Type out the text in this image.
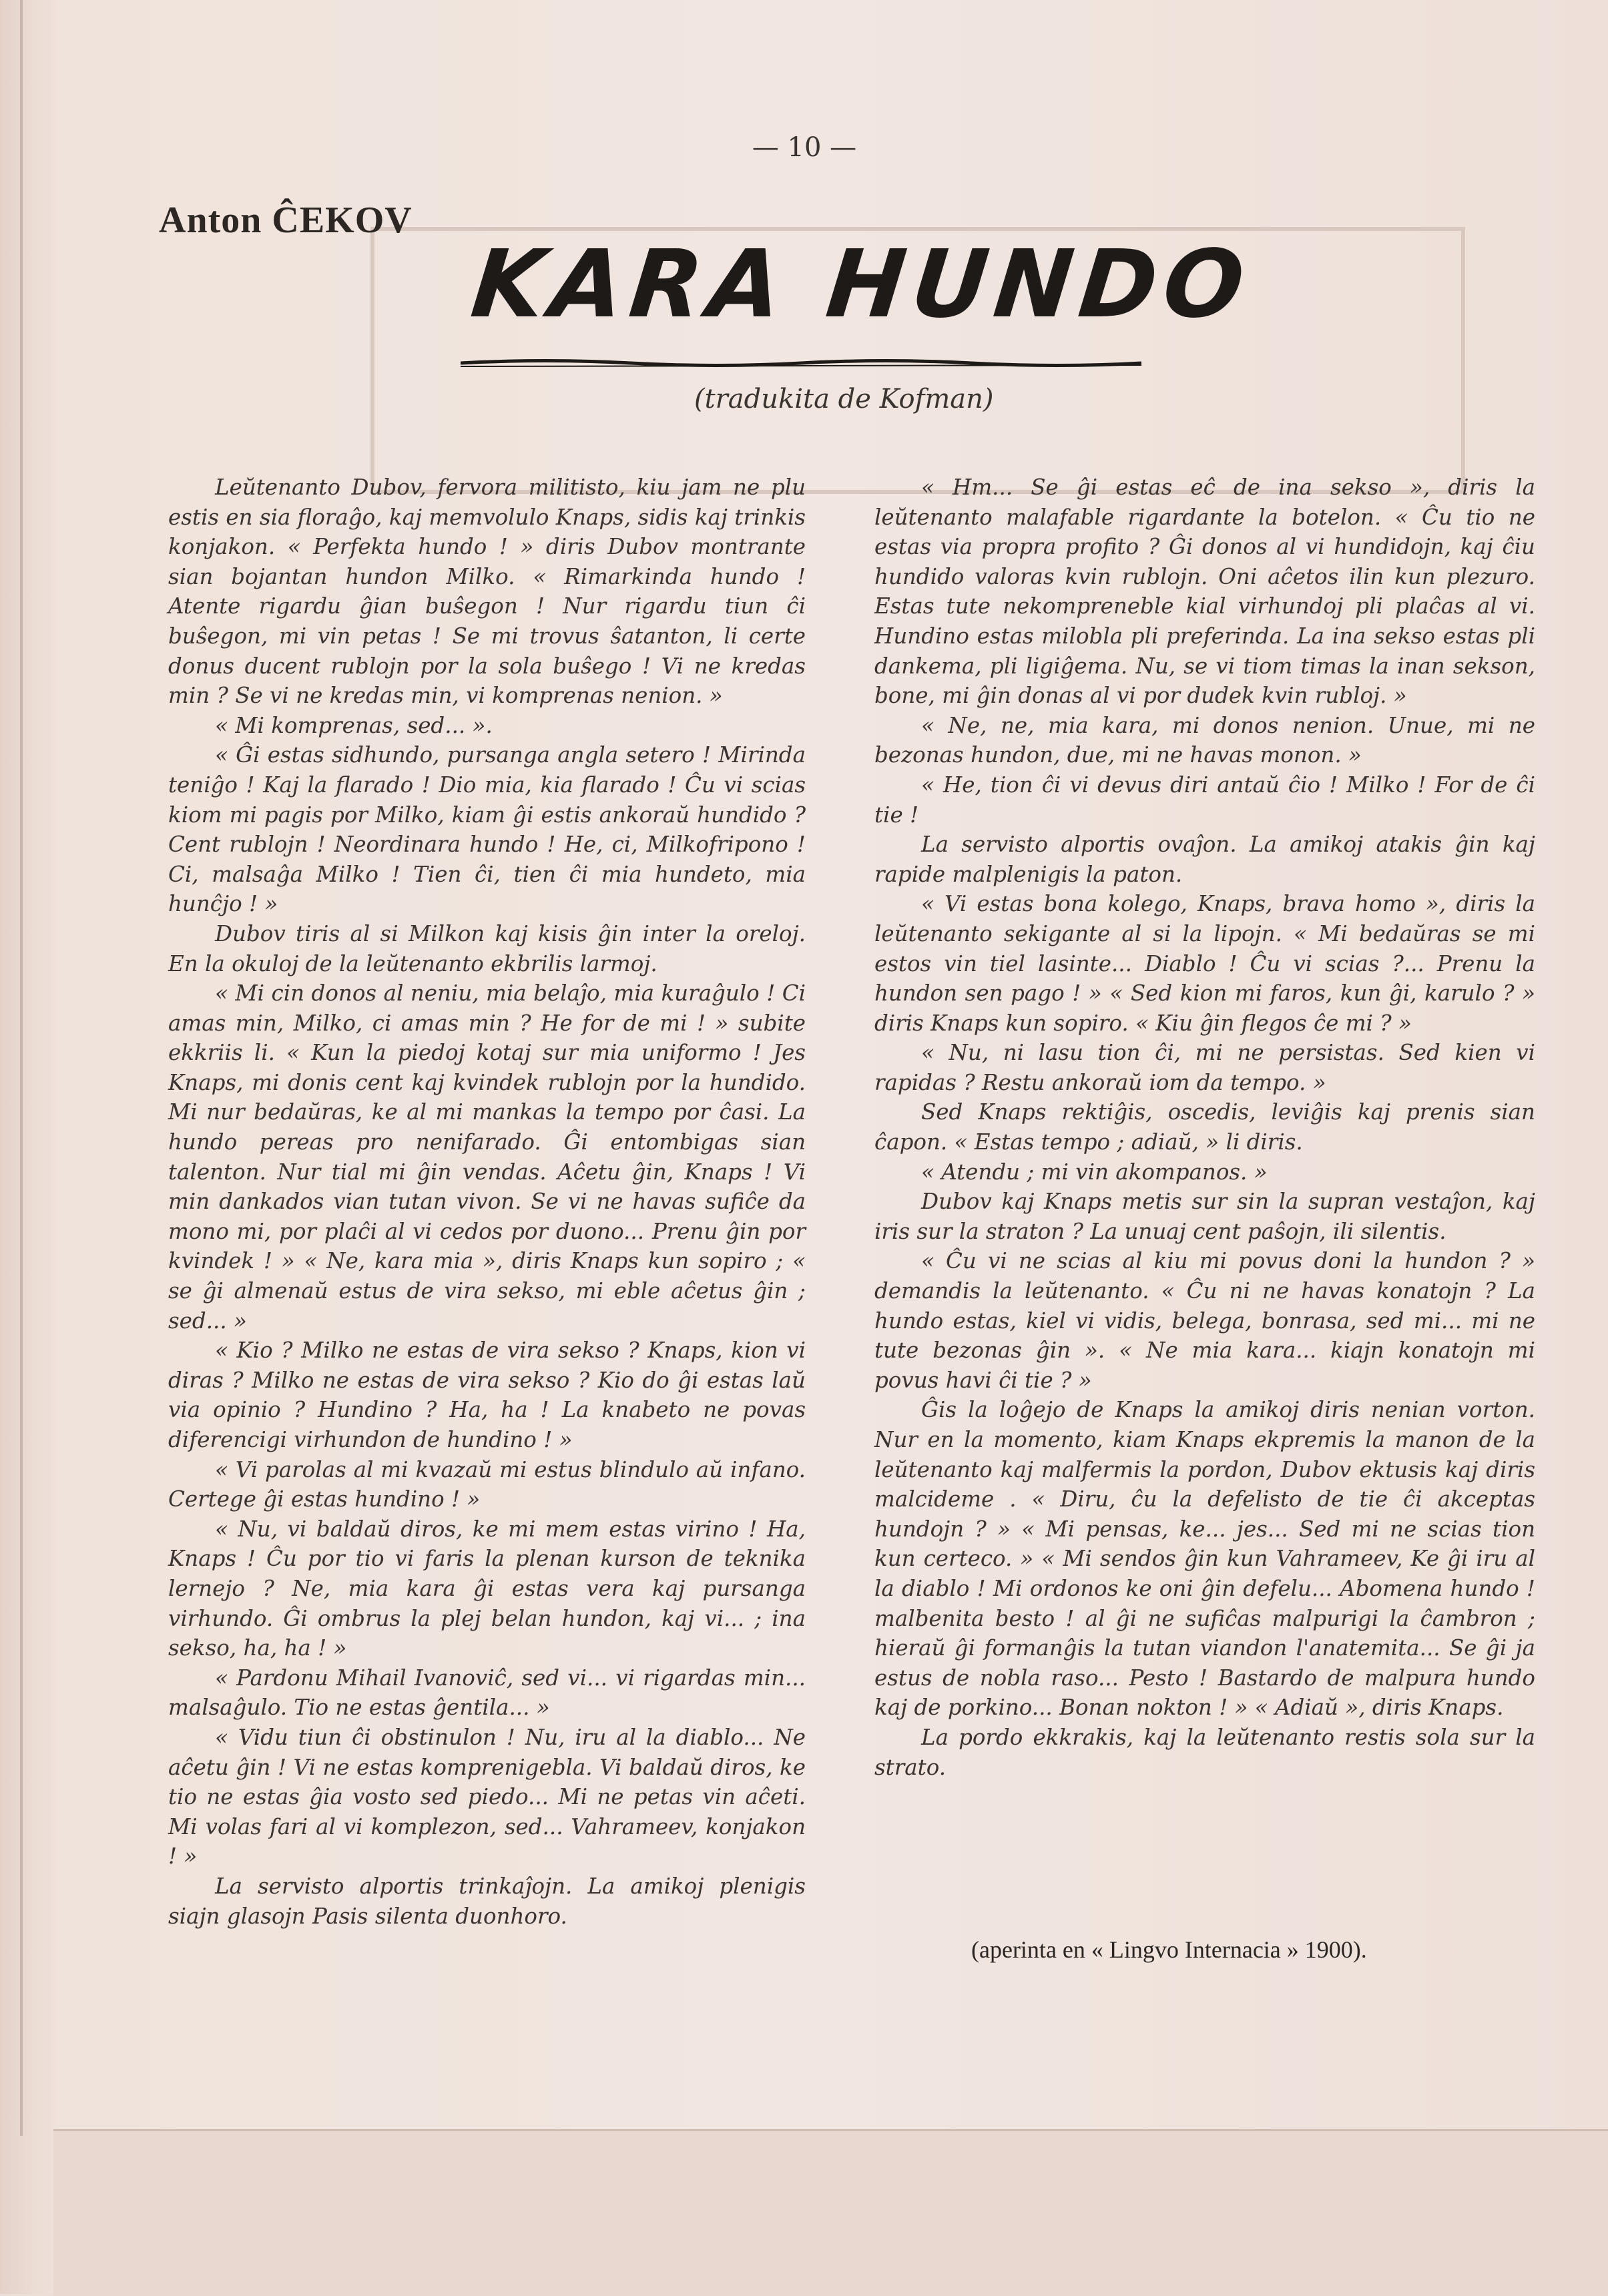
— 10 —
Anton ĈEKOV
KARA HUNDO
(tradukita de Kofman)

Leŭtenanto Dubov, fervora militisto, kiu jam ne plu estis en sia floraĝo, kaj memvolulo Knaps, sidis kaj trinkis konjakon. « Perfekta hundo ! » diris Dubov montrante sian bojantan hundon Milko. « Rimarkinda hundo ! Atente rigardu ĝian buŝegon ! Nur rigardu tiun ĉi buŝegon, mi vin petas ! Se mi trovus ŝatanton, li certe donus ducent rublojn por la sola buŝego ! Vi ne kredas min ? Se vi ne kredas min, vi komprenas nenion. »

« Mi komprenas, sed... ».

« Ĝi estas sidhundo, pursanga angla setero ! Mirinda teniĝo ! Kaj la flarado ! Dio mia, kia flarado ! Ĉu vi scias kiom mi pagis por Milko, kiam ĝi estis ankoraŭ hundido ? Cent rublojn ! Neordinara hundo ! He, ci, Milkofripono ! Ci, malsaĝa Milko ! Tien ĉi, tien ĉi mia hundeto, mia hunĉjo ! »

Dubov tiris al si Milkon kaj kisis ĝin inter la oreloj. En la okuloj de la leŭtenanto ekbrilis larmoj.

« Mi cin donos al neniu, mia belaĵo, mia kuraĝulo ! Ci amas min, Milko, ci amas min ? He for de mi ! » subite ekkriis li. « Kun la piedoj kotaj sur mia uniformo ! Jes Knaps, mi donis cent kaj kvindek rublojn por la hundido. Mi nur bedaŭras, ke al mi mankas la tempo por ĉasi. La hundo pereas pro nenifarado. Ĝi entombigas sian talenton. Nur tial mi ĝin vendas. Aĉetu ĝin, Knaps ! Vi min dankados vian tutan vivon. Se vi ne havas sufiĉe da mono mi, por plaĉi al vi cedos por duono... Prenu ĝin por kvindek ! » « Ne, kara mia », diris Knaps kun sopiro ; « se ĝi almenaŭ estus de vira sekso, mi eble aĉetus ĝin ; sed... »

« Kio ? Milko ne estas de vira sekso ? Knaps, kion vi diras ? Milko ne estas de vira sekso ? Kio do ĝi estas laŭ via opinio ? Hundino ? Ha, ha ! La knabeto ne povas diferencigi virhundon de hundino ! »

« Vi parolas al mi kvazaŭ mi estus blindulo aŭ infano. Certege ĝi estas hundino ! »

« Nu, vi baldaŭ diros, ke mi mem estas virino ! Ha, Knaps ! Ĉu por tio vi faris la plenan kurson de teknika lernejo ? Ne, mia kara ĝi estas vera kaj pursanga virhundo. Ĝi ombrus la plej belan hundon, kaj vi... ; ina sekso, ha, ha ! »

« Pardonu Mihail Ivanoviĉ, sed vi... vi rigardas min... malsaĝulo. Tio ne estas ĝentila... »

« Vidu tiun ĉi obstinulon ! Nu, iru al la diablo... Ne aĉetu ĝin ! Vi ne estas komprenigebla. Vi baldaŭ diros, ke tio ne estas ĝia vosto sed piedo... Mi ne petas vin aĉeti. Mi volas fari al vi komplezon, sed... Vahrameev, konjakon ! »

La servisto alportis trinkaĵojn. La amikoj plenigis siajn glasojn Pasis silenta duonhoro.

« Hm... Se ĝi estas eĉ de ina sekso », diris la leŭtenanto malafable rigardante la botelon. « Ĉu tio ne estas via propra profito ? Ĝi donos al vi hundidojn, kaj ĉiu hundido valoras kvin rublojn. Oni aĉetos ilin kun plezuro. Estas tute nekompreneble kial virhundoj pli plaĉas al vi. Hundino estas milobla pli preferinda. La ina sekso estas pli dankema, pli ligiĝema. Nu, se vi tiom timas la inan sekson, bone, mi ĝin donas al vi por dudek kvin rubloj. »

« Ne, ne, mia kara, mi donos nenion. Unue, mi ne bezonas hundon, due, mi ne havas monon. »

« He, tion ĉi vi devus diri antaŭ ĉio ! Milko ! For de ĉi tie !

La servisto alportis ovaĵon. La amikoj atakis ĝin kaj rapide malplenigis la paton.

« Vi estas bona kolego, Knaps, brava homo », diris la leŭtenanto sekigante al si la lipojn. « Mi bedaŭras se mi estos vin tiel lasinte... Diablo ! Ĉu vi scias ?... Prenu la hundon sen pago ! » « Sed kion mi faros, kun ĝi, karulo ? » diris Knaps kun sopiro. « Kiu ĝin flegos ĉe mi ? »

« Nu, ni lasu tion ĉi, mi ne persistas. Sed kien vi rapidas ? Restu ankoraŭ iom da tempo. »

Sed Knaps rektiĝis, oscedis, leviĝis kaj prenis sian ĉapon. « Estas tempo ; adiaŭ, » li diris.

« Atendu ; mi vin akompanos. »

Dubov kaj Knaps metis sur sin la supran vestaĵon, kaj iris sur la straton ? La unuaj cent paŝojn, ili silentis.

« Ĉu vi ne scias al kiu mi povus doni la hundon ? » demandis la leŭtenanto. « Ĉu ni ne havas konatojn ? La hundo estas, kiel vi vidis, belega, bonrasa, sed mi... mi ne tute bezonas ĝin ». « Ne mia kara... kiajn konatojn mi povus havi ĉi tie ? »

Ĝis la loĝejo de Knaps la amikoj diris nenian vorton. Nur en la momento, kiam Knaps ekpremis la manon de la leŭtenanto kaj malfermis la pordon, Dubov ektusis kaj diris malcideme . « Diru, ĉu la defelisto de tie ĉi akceptas hundojn ? » « Mi pensas, ke... jes... Sed mi ne scias tion kun certeco. » « Mi sendos ĝin kun Vahrameev, Ke ĝi iru al la diablo ! Mi ordonos ke oni ĝin defelu... Abomena hundo ! malbenita besto ! al ĝi ne sufiĉas malpurigi la ĉambron ; hieraŭ ĝi formanĝis la tutan viandon l'anatemita... Se ĝi ja estus de nobla raso... Pesto ! Bastardo de malpura hundo kaj de porkino... Bonan nokton ! » « Adiaŭ », diris Knaps.

La pordo ekkrakis, kaj la leŭtenanto restis sola sur la strato.

(aperinta en « Lingvo Internacia » 1900).
